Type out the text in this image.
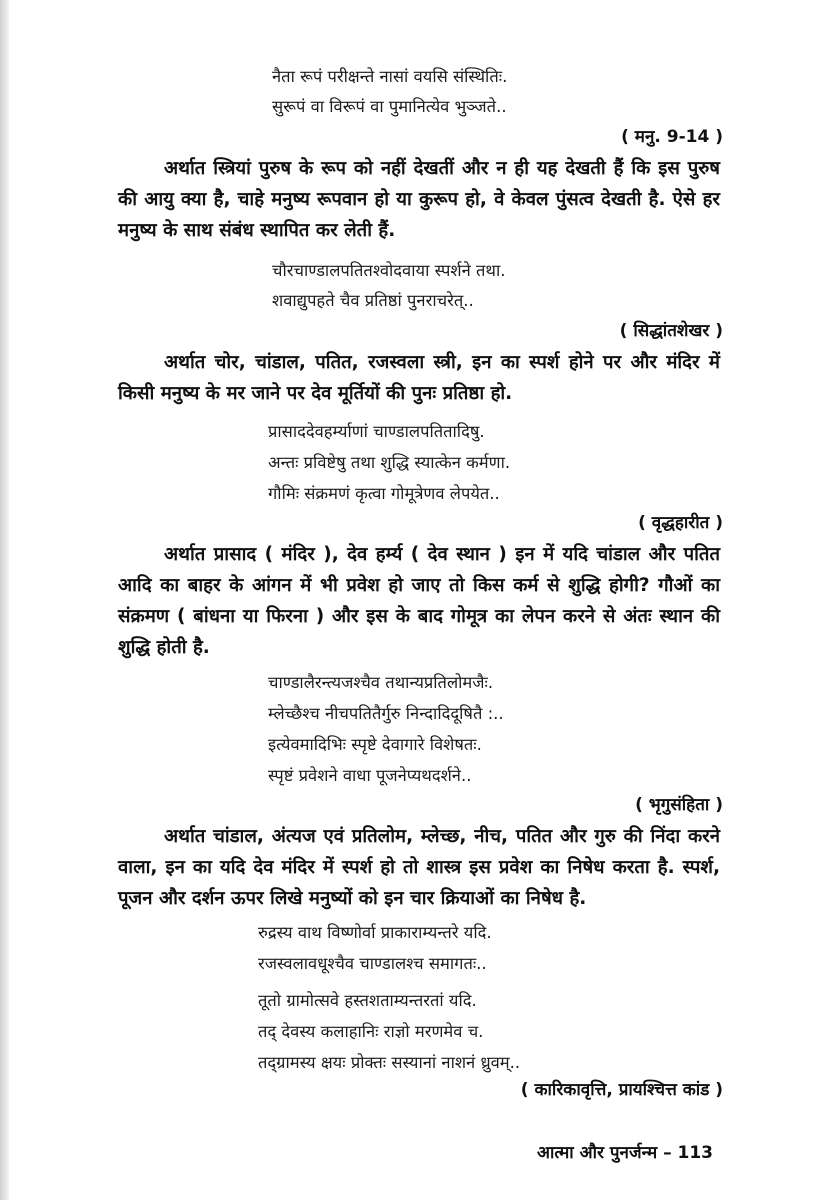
नैता रूपं परीक्षन्ते नासां वयसि संस्थितिः.
सुरूपं वा विरूपं वा पुमानित्येव भुञ्जते..
( मनु. 9-14 )
अर्थात स्त्रियां पुरुष के रूप को नहीं देखतीं और न ही यह देखती हैं कि इस पुरुष की आयु क्या है, चाहे मनुष्य रूपवान हो या कुरूप हो, वे केवल पुंसत्व देखती है. ऐसे हर मनुष्य के साथ संबंध स्थापित कर लेती हैं.
चौरचाण्डालपतितश्वोदवाया स्पर्शने तथा.
शवाद्युपहते चैव प्रतिष्ठां पुनराचरेत्..
( सिद्धांतशेखर )
अर्थात चोर, चांडाल, पतित, रजस्वला स्त्री, इन का स्पर्श होने पर और मंदिर में किसी मनुष्य के मर जाने पर देव मूर्तियों की पुनः प्रतिष्ठा हो.
प्रासाददेवहर्म्याणां चाण्डालपतितादिषु.
अन्तः प्रविष्टेषु तथा शुद्धि स्यात्केन कर्मणा.
गौमिः संक्रमणं कृत्वा गोमूत्रेणव लेपयेत..
( वृद्धहारीत )
अर्थात प्रासाद ( मंदिर ), देव हर्म्य ( देव स्थान ) इन में यदि चांडाल और पतित आदि का बाहर के आंगन में भी प्रवेश हो जाए तो किस कर्म से शुद्धि होगी? गौओं का संक्रमण ( बांधना या फिरना ) और इस के बाद गोमूत्र का लेपन करने से अंतः स्थान की शुद्धि होती है.
चाण्डालैरन्त्यजश्चैव तथान्यप्रतिलोमजैः.
म्लेच्छैश्च नीचपतितैर्गुरु निन्दादिदूषितै :..
इत्येवमादिभिः स्पृष्टे देवागारे विशेषतः.
स्पृष्टं प्रवेशने वाधा पूजनेप्यथदर्शने..
( भृगुसंहिता )
अर्थात चांडाल, अंत्यज एवं प्रतिलोम, म्लेच्छ, नीच, पतित और गुरु की निंदा करने वाला, इन का यदि देव मंदिर में स्पर्श हो तो शास्त्र इस प्रवेश का निषेध करता है. स्पर्श, पूजन और दर्शन ऊपर लिखे मनुष्यों को इन चार क्रियाओं का निषेध है.
रुद्रस्य वाथ विष्णोर्वा प्राकाराम्यन्तरे यदि.
रजस्वलावधूश्चैव चाण्डालश्च समागतः..
तूतो ग्रामोत्सवे हस्तशताम्यन्तरतां यदि.
तद् देवस्य कलाहानिः राज्ञो मरणमेव च.
तद्ग्रामस्य क्षयः प्रोक्तः सस्यानां नाशनं ध्रुवम्..
( कारिकावृत्ति, प्रायश्चित्त कांड )
आत्मा और पुनर्जन्म – 113
